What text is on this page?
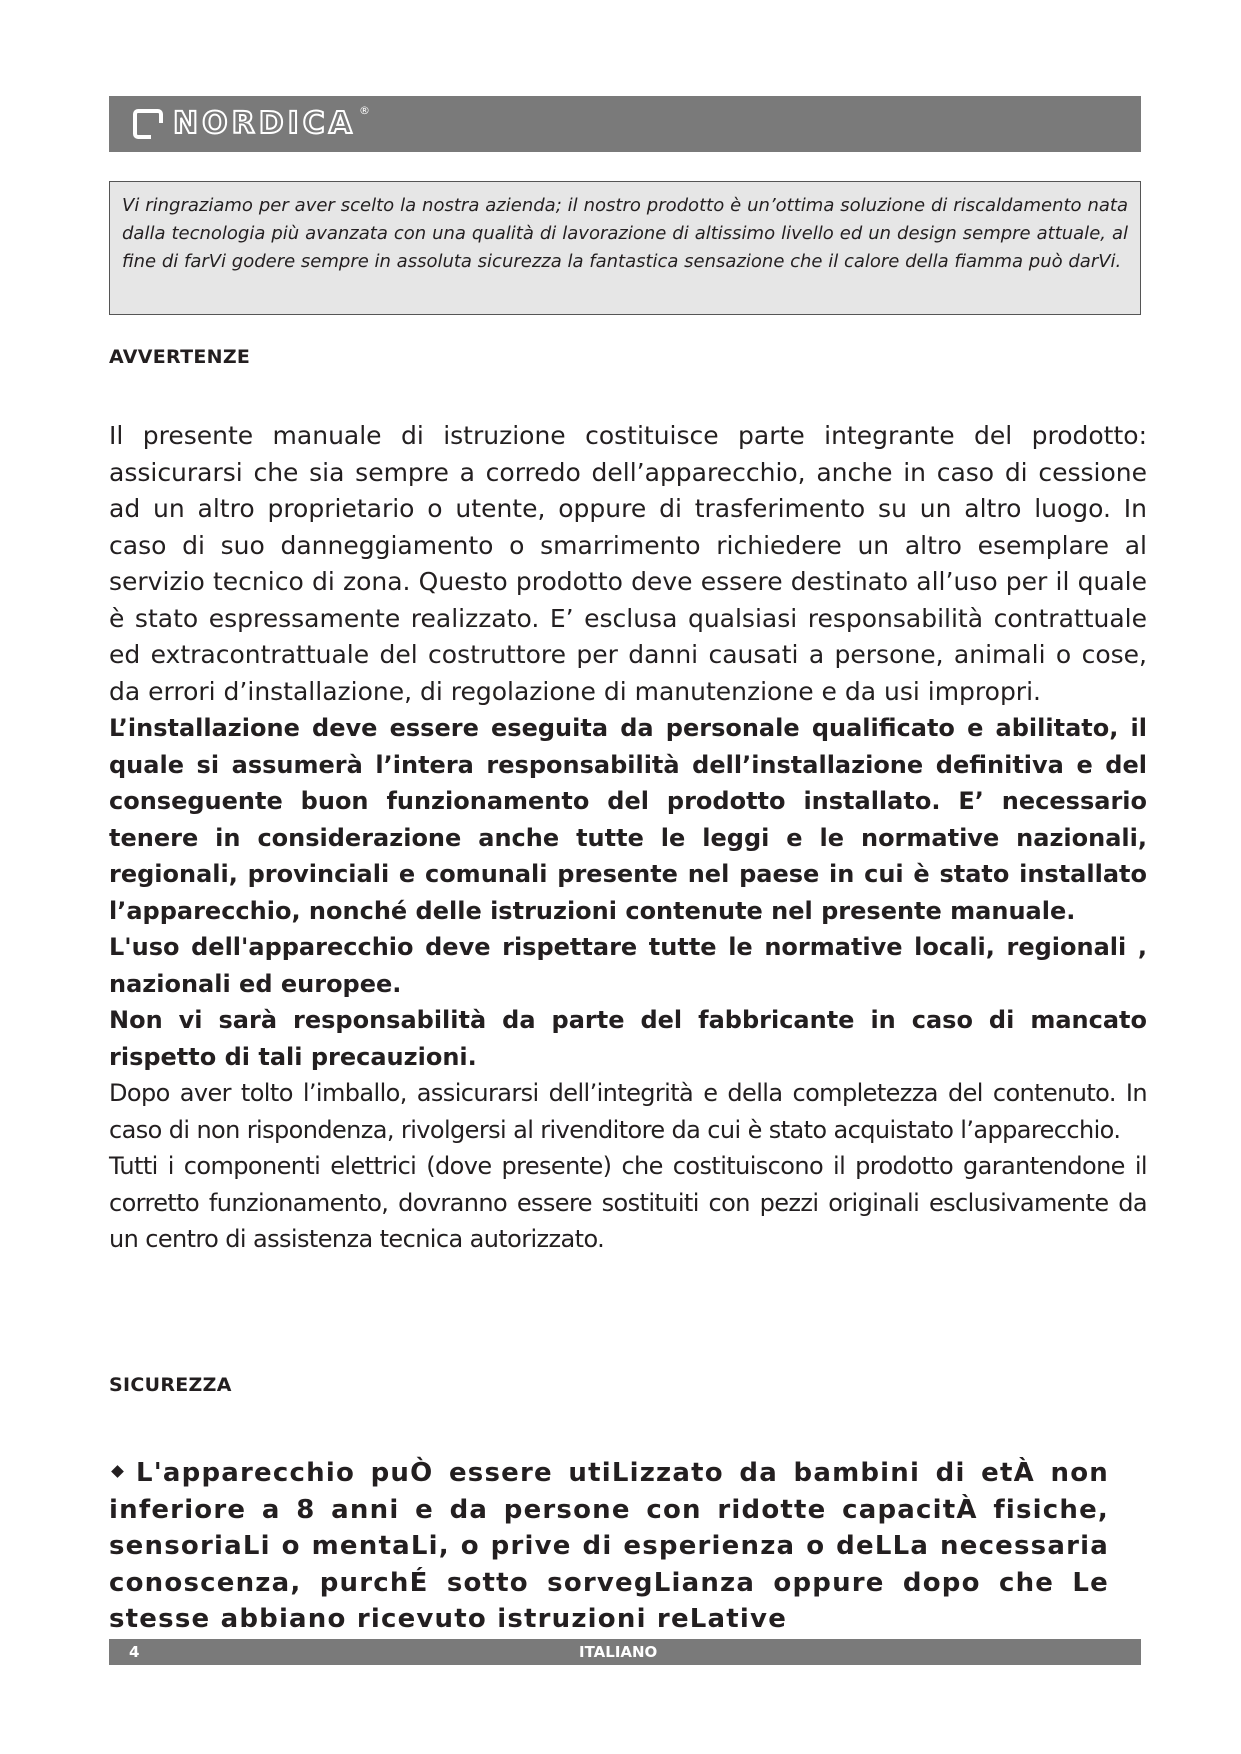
NORDICA ®
Vi ringraziamo per aver scelto la nostra azienda; il nostro prodotto è un’ottima soluzione di riscaldamento nata dalla tecnologia più avanzata con una qualità di lavorazione di altissimo livello ed un design sempre attuale, al fine di farVi godere sempre in assoluta sicurezza la fantastica sensazione che il calore della fiamma può darVi.
AVVERTENZE

Il presente manuale di istruzione costituisce parte integrante del prodotto: assicurarsi che sia sempre a corredo dell’apparecchio, anche in caso di cessione ad un altro proprietario o utente, oppure di trasferimento su un altro luogo. In caso di suo danneggiamento o smarrimento richiedere un altro esemplare al servizio tecnico di zona. Questo prodotto deve essere destinato all’uso per il quale è stato espressamente realizzato. E’ esclusa qualsiasi responsabilità contrattuale ed extracontrattuale del costruttore per danni causati a persone, animali o cose, da errori d’installazione, di regolazione di manutenzione e da usi impropri.

L’installazione deve essere eseguita da personale qualificato e abilitato, il quale si assumerà l’intera responsabilità dell’installazione definitiva e del conseguente buon funzionamento del prodotto installato. E’ necessario tenere in considerazione anche tutte le leggi e le normative nazionali, regionali, provinciali e comunali presente nel paese in cui è stato installato l’apparecchio, nonché delle istruzioni contenute nel presente manuale.

L'uso dell'apparecchio deve rispettare tutte le normative locali, regionali , nazionali ed europee.

Non vi sarà responsabilità da parte del fabbricante in caso di mancato rispetto di tali precauzioni.

Dopo aver tolto l’imballo, assicurarsi dell’integrità e della completezza del contenuto. In caso di non rispondenza, rivolgersi al rivenditore da cui è stato acquistato l’apparecchio.

Tutti i componenti elettrici (dove presente) che costituiscono il prodotto garantendone il corretto funzionamento, dovranno essere sostituiti con pezzi originali esclusivamente da un centro di assistenza tecnica autorizzato.

SICUREZZA
L'apparecchio puÒ essere utiLizzato da bambini di etÀ non inferiore a 8 anni e da persone con ridotte capacitÀ fisiche, sensoriaLi o mentaLi, o prive di esperienza o deLLa necessaria conoscenza, purchÉ sotto sorvegLianza oppure dopo che Le stesse abbiano ricevuto istruzioni reLative
4	ITALIANO
